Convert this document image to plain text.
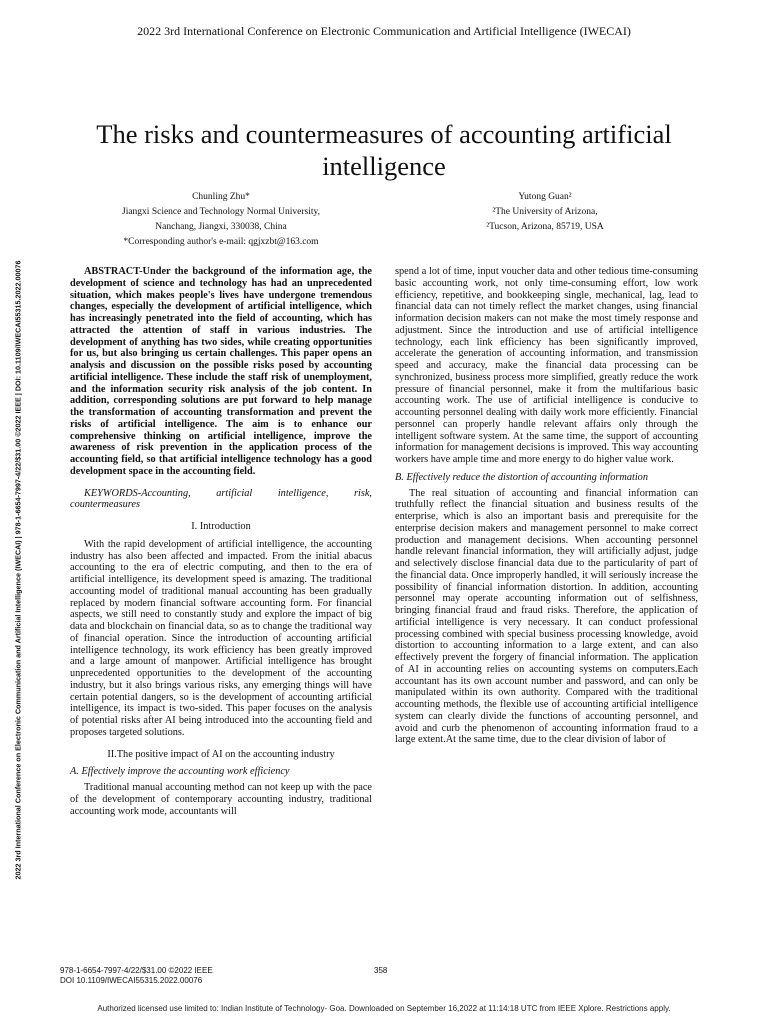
2022 3rd International Conference on Electronic Communication and Artificial Intelligence (IWECAI)
2022 3rd International Conference on Electronic Communication and Artificial Intelligence (IWECAI) | 978-1-6654-7997-4/22/$31.00 ©2022 IEEE | DOI: 10.1109/IWECAI55315.2022.00076
The risks and countermeasures of accounting artificial intelligence
Chunling Zhu*
Jiangxi Science and Technology Normal University,
Nanchang, Jiangxi, 330038, China
*Corresponding author's e-mail: qgjxzbt@163.com
Yutong Guan²
²The University of Arizona,
²Tucson, Arizona, 85719, USA

ABSTRACT-Under the background of the information age, the development of science and technology has had an unprecedented situation, which makes people's lives have undergone tremendous changes, especially the development of artificial intelligence, which has increasingly penetrated into the field of accounting, which has attracted the attention of staff in various industries. The development of anything has two sides, while creating opportunities for us, but also bringing us certain challenges. This paper opens an analysis and discussion on the possible risks posed by accounting artificial intelligence. These include the staff risk of unemployment, and the information security risk analysis of the job content. In addition, corresponding solutions are put forward to help manage the transformation of accounting transformation and prevent the risks of artificial intelligence. The aim is to enhance our comprehensive thinking on artificial intelligence, improve the awareness of risk prevention in the application process of the accounting field, so that artificial intelligence technology has a good development space in the accounting field.

KEYWORDS-Accounting, artificial intelligence, risk, countermeasures

I. Introduction

With the rapid development of artificial intelligence, the accounting industry has also been affected and impacted. From the initial abacus accounting to the era of electric computing, and then to the era of artificial intelligence, its development speed is amazing. The traditional accounting model of traditional manual accounting has been gradually replaced by modern financial software accounting form. For financial aspects, we still need to constantly study and explore the impact of big data and blockchain on financial data, so as to change the traditional way of financial operation. Since the introduction of accounting artificial intelligence technology, its work efficiency has been greatly improved and a large amount of manpower. Artificial intelligence has brought unprecedented opportunities to the development of the accounting industry, but it also brings various risks, any emerging things will have certain potential dangers, so is the development of accounting artificial intelligence, its impact is two-sided. This paper focuses on the analysis of potential risks after AI being introduced into the accounting field and proposes targeted solutions.

II.The positive impact of AI on the accounting industry

A. Effectively improve the accounting work efficiency

Traditional manual accounting method can not keep up with the pace of the development of contemporary accounting industry, traditional accounting work mode, accountants will

spend a lot of time, input voucher data and other tedious time-consuming basic accounting work, not only time-consuming effort, low work efficiency, repetitive, and bookkeeping single, mechanical, lag, lead to financial data can not timely reflect the market changes, using financial information decision makers can not make the most timely response and adjustment. Since the introduction and use of artificial intelligence technology, each link efficiency has been significantly improved, accelerate the generation of accounting information, and transmission speed and accuracy, make the financial data processing can be synchronized, business process more simplified, greatly reduce the work pressure of financial personnel, make it from the multifarious basic accounting work. The use of artificial intelligence is conducive to accounting personnel dealing with daily work more efficiently. Financial personnel can properly handle relevant affairs only through the intelligent software system. At the same time, the support of accounting information for management decisions is improved. This way accounting workers have ample time and more energy to do higher value work.

B. Effectively reduce the distortion of accounting information

The real situation of accounting and financial information can truthfully reflect the financial situation and business results of the enterprise, which is also an important basis and prerequisite for the enterprise decision makers and management personnel to make correct production and management decisions. When accounting personnel handle relevant financial information, they will artificially adjust, judge and selectively disclose financial data due to the particularity of part of the financial data. Once improperly handled, it will seriously increase the possibility of financial information distortion. In addition, accounting personnel may operate accounting information out of selfishness, bringing financial fraud and fraud risks. Therefore, the application of artificial intelligence is very necessary. It can conduct professional processing combined with special business processing knowledge, avoid distortion to accounting information to a large extent, and can also effectively prevent the forgery of financial information. The application of AI in accounting relies on accounting systems on computers.Each accountant has its own account number and password, and can only be manipulated within its own authority. Compared with the traditional accounting methods, the flexible use of accounting artificial intelligence system can clearly divide the functions of accounting personnel, and avoid and curb the phenomenon of accounting information fraud to a large extent.At the same time, due to the clear division of labor of

978-1-6654-7997-4/22/$31.00 ©2022 IEEE
DOI 10.1109/IWECAI55315.2022.00076
358
Authorized licensed use limited to: Indian Institute of Technology- Goa. Downloaded on September 16,2022 at 11:14:18 UTC from IEEE Xplore. Restrictions apply.
